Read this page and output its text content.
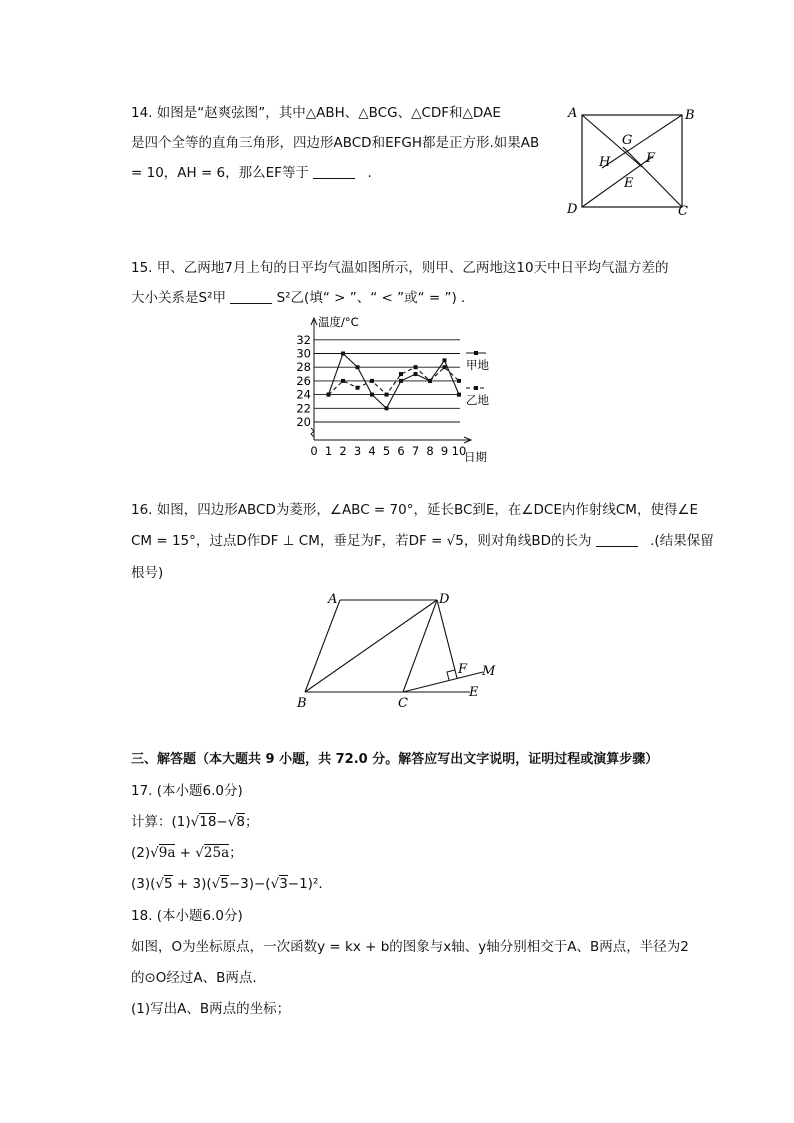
14. 如图是“赵爽弦图”，其中△ABH、△BCG、△CDF和△DAE
是四个全等的直角三角形，四边形ABCD和EFGH都是正方形.如果AB
= 10，AH = 6，那么EF等于	.
A	B
C
D
E
F
G
H
15. 甲、乙两地7月上旬的日平均气温如图所示，则甲、乙两地这10天中日平均气温方差的
大小关系是S²甲	S²乙(填“ > ”、“ < ”或“ = ”) .
20
22
24
26
28
30
32
0 1 2 3 4 5 6 7 8 9 10
甲地
乙地
温度/°C
日期
16. 如图，四边形ABCD为菱形，∠ABC = 70°，延长BC到E，在∠DCE内作射线CM，使得∠E
CM = 15°，过点D作DF ⊥ CM，垂足为F，若DF = √5，则对角线BD的长为	.(结果保留
根号)
A
B	C
D
E
F M
三、解答题（本大题共 9 小题，共 72.0 分。解答应写出文字说明，证明过程或演算步骤）
17. (本小题6.0分)
计算：(1)√18−√8；
(2)√9a + √25a；
(3)(√5 + 3)(√5−3)−(√3−1)².
18. (本小题6.0分)
如图，O为坐标原点，一次函数y = kx + b的图象与x轴、y轴分别相交于A、B两点，半径为2
的⊙O经过A、B两点.
(1)写出A、B两点的坐标；
